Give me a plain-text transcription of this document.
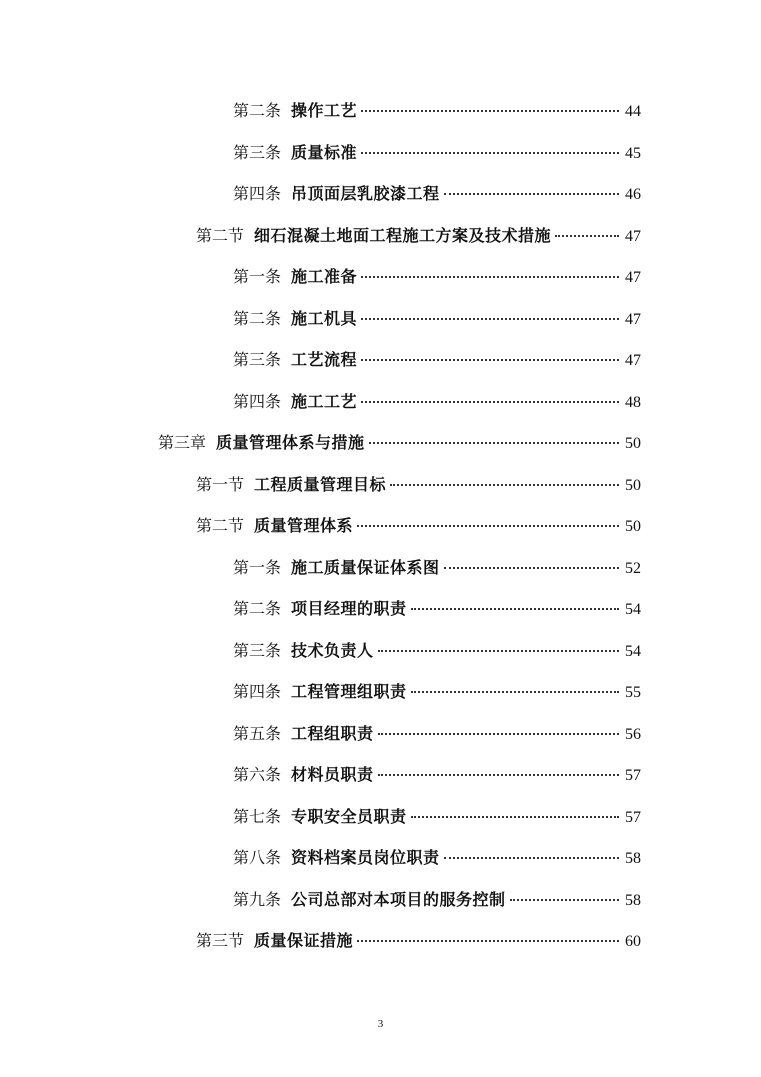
第二条 操作工艺	44
第三条 质量标准	45
第四条 吊顶面层乳胶漆工程	46
第二节 细石混凝土地面工程施工方案及技术措施	47
第一条 施工准备	47
第二条 施工机具	47
第三条 工艺流程	47
第四条 施工工艺	48
第三章 质量管理体系与措施	50
第一节 工程质量管理目标	50
第二节 质量管理体系	50
第一条 施工质量保证体系图	52
第二条 项目经理的职责	54
第三条 技术负责人	54
第四条 工程管理组职责	55
第五条 工程组职责	56
第六条 材料员职责	57
第七条 专职安全员职责	57
第八条 资料档案员岗位职责	58
第九条 公司总部对本项目的服务控制	58
第三节 质量保证措施	60
3
